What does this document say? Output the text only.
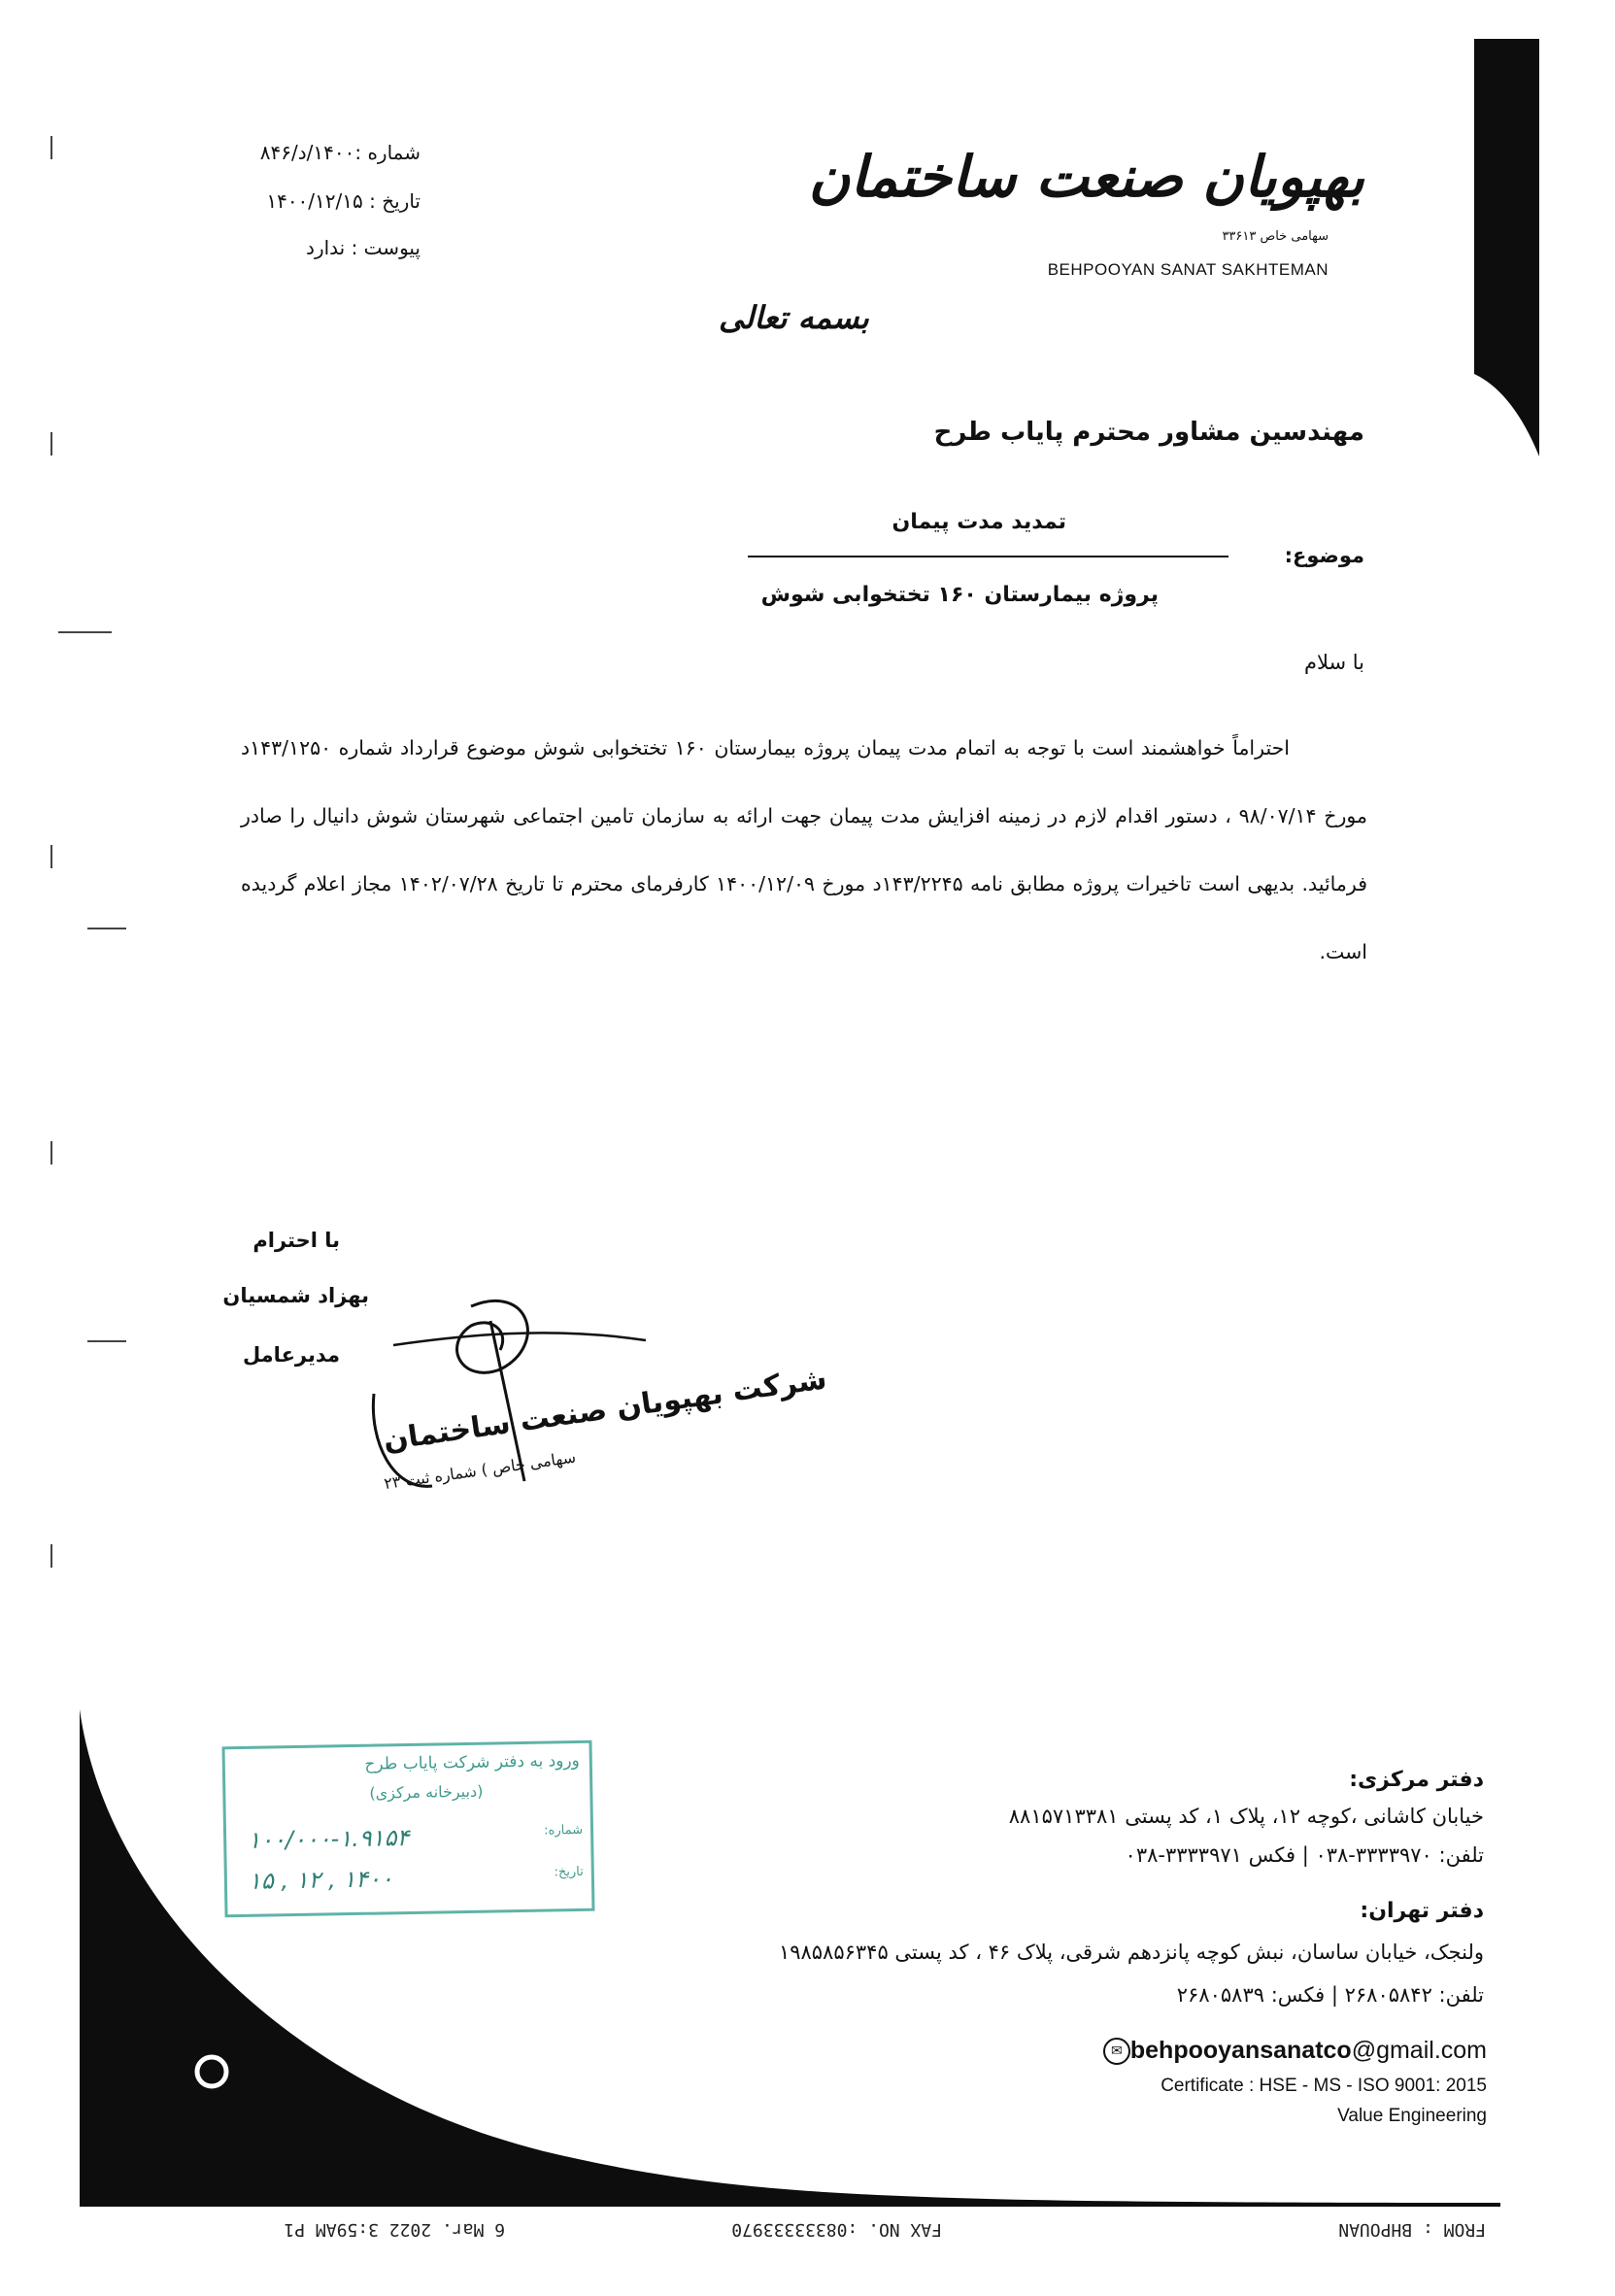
بهپویان صنعت ساختمان
سهامی خاص ۳۳۶۱۳
BEHPOOYAN SANAT SAKHTEMAN
شماره :۱۴۰۰/د/۸۴۶
تاریخ : ۱۴۰۰/۱۲/۱۵
پیوست : ندارد
بسمه تعالی
مهندسین مشاور محترم پایاب طرح
موضوع:
تمدید مدت پیمان
پروژه بیمارستان ۱۶۰ تختخوابی شوش
با سلام
احتراماً خواهشمند است با توجه به اتمام مدت پیمان پروژه بیمارستان ۱۶۰ تختخوابی شوش موضوع قرارداد شماره ۱۴۳/۱۲۵۰د مورخ ۹۸/۰۷/۱۴ ، دستور اقدام لازم در زمینه افزایش مدت پیمان جهت ارائه به سازمان تامین اجتماعی شهرستان شوش دانیال را صادر فرمائید. بدیهی است تاخیرات پروژه مطابق نامه ۱۴۳/۲۲۴۵د مورخ ۱۴۰۰/۱۲/۰۹ کارفرمای محترم تا تاریخ ۱۴۰۲/۰۷/۲۸ مجاز اعلام گردیده است.
با احترام
بهزاد شمسیان
مدیرعامل
شرکت بهپویان صنعت ساختمان
سهامی خاص ) شماره ثبت ۲۳
ورود به دفتر شرکت پایاب طرح
(دبیرخانه مرکزی)
شماره:
تاریخ:
۱۰۰/۰۰۰-۱.۹۱۵۴
۱۴۰۰ , ۱۲ , ۱۵
دفتر مرکزی:
خیابان کاشانی ،کوچه ۱۲، پلاک ۱، کد پستی ۸۸۱۵۷۱۳۳۸۱
تلفن: ۳۳۳۳۹۷۰-۰۳۸ | فکس ۳۳۳۳۹۷۱-۰۳۸
دفتر تهران:
ولنجک، خیابان ساسان، نبش کوچه پانزدهم شرقی، پلاک ۴۶ ، کد پستی ۱۹۸۵۸۵۶۳۴۵
تلفن: ۲۶۸۰۵۸۴۲ | فکس: ۲۶۸۰۵۸۳۹
✉ behpooyansanatco@gmail.com
Certificate : HSE - MS - ISO 9001: 2015
Value Engineering
FROM : BHPOUAN
FAX NO. :08333333970
6 Mar. 2022 3:59AM P1
